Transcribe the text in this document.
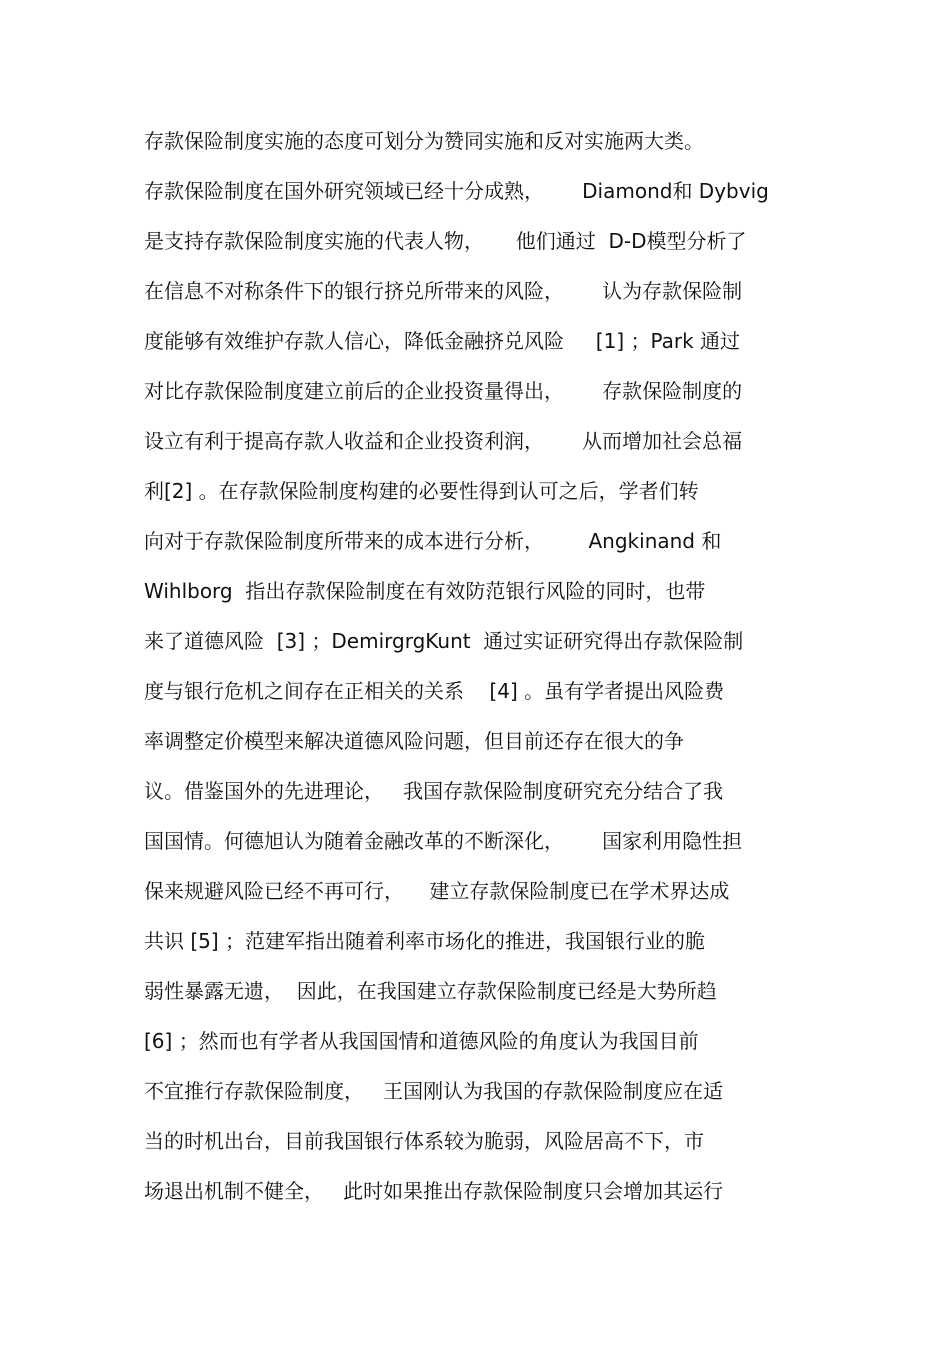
存款保险制度实施的态度可划分为赞同实施和反对实施两大类。
存款保险制度在国外研究领域已经十分成熟，      Diamond和 Dybvig
是支持存款保险制度实施的代表人物，     他们通过  D-D模型分析了
在信息不对称条件下的银行挤兑所带来的风险，      认为存款保险制
度能够有效维护存款人信心，降低金融挤兑风险     [1] ；Park 通过
对比存款保险制度建立前后的企业投资量得出，      存款保险制度的
设立有利于提高存款人收益和企业投资利润，      从而增加社会总福
利[2] 。在存款保险制度构建的必要性得到认可之后，学者们转
向对于存款保险制度所带来的成本进行分析，       Angkinand 和
Wihlborg  指出存款保险制度在有效防范银行风险的同时，也带
来了道德风险  [3] ；DemirgrgKunt  通过实证研究得出存款保险制
度与银行危机之间存在正相关的关系    [4] 。虽有学者提出风险费
率调整定价模型来解决道德风险问题，但目前还存在很大的争
议。借鉴国外的先进理论，   我国存款保险制度研究充分结合了我
国国情。何德旭认为随着金融改革的不断深化，      国家利用隐性担
保来规避风险已经不再可行，    建立存款保险制度已在学术界达成
共识 [5] ；范建军指出随着利率市场化的推进，我国银行业的脆
弱性暴露无遗，  因此，在我国建立存款保险制度已经是大势所趋
[6] ；然而也有学者从我国国情和道德风险的角度认为我国目前
不宜推行存款保险制度，   王国刚认为我国的存款保险制度应在适
当的时机出台，目前我国银行体系较为脆弱，风险居高不下，市
场退出机制不健全，   此时如果推出存款保险制度只会增加其运行
